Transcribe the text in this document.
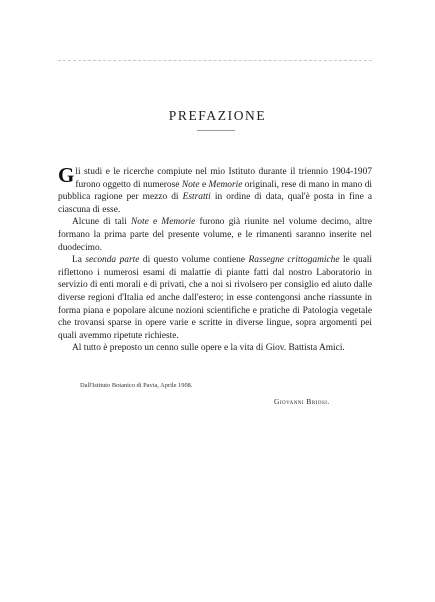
PREFAZIONE

Gli studi e le ricerche compiute nel mio Istituto durante il triennio 1904-1907 furono oggetto di numerose Note e Memorie originali, rese di mano in mano di pubblica ragione per mezzo di Estratti in ordine di data, qual'è posta in fine a ciascuna di esse.

Alcune di tali Note e Memorie furono già riunite nel volume decimo, altre formano la prima parte del presente volume, e le rimanenti saranno inserite nel duodecimo.

La seconda parte di questo volume contiene Rassegne crittogamiche le quali riflettono i numerosi esami di malattie di piante fatti dal nostro Laboratorio in servizio di enti morali e di privati, che a noi si rivolsero per consiglio ed aiuto dalle diverse regioni d'Italia ed anche dall'estero; in esse contengonsi anche riassunte in forma piana e popolare alcune nozioni scientifiche e pratiche di Patologia vegetale che trovansi sparse in opere varie e scritte in diverse lingue, sopra argomenti pei quali avemmo ripetute richieste.

Al tutto è preposto un cenno sulle opere e la vita di Giov. Battista Amici.

Dall'Istituto Botanico di Pavia, Aprile 1908.
Giovanni Briosi.
